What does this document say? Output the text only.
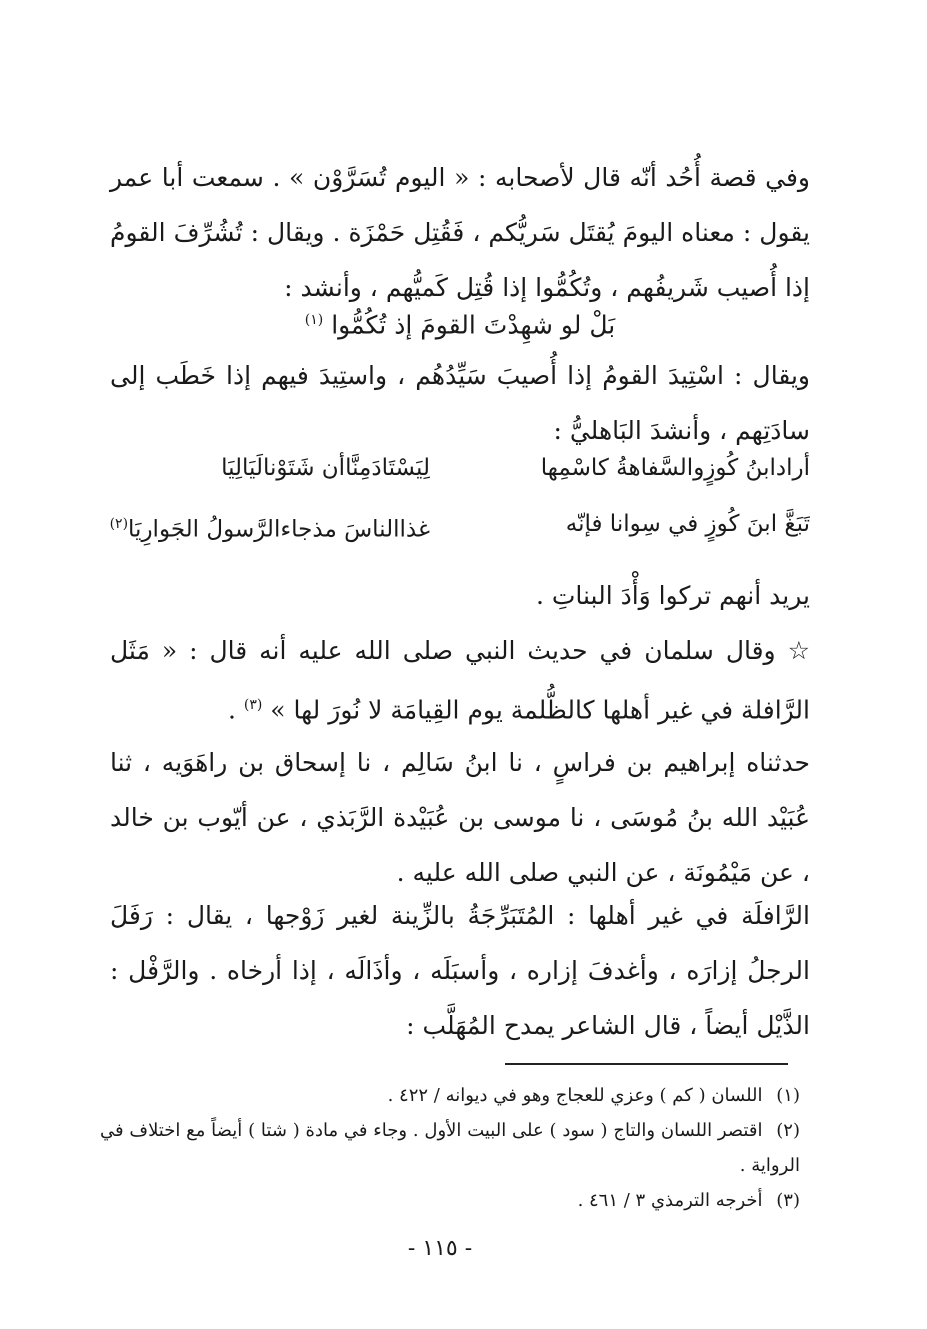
وفي قصة أُحُد أنّه قال لأصحابه : « اليوم تُسَرَّوْن » . سمعت أبا عمر يقول : معناه اليومَ يُقتَل سَريُّكم ، فَقُتِل حَمْزَة . ويقال : تُشُرِّفَ القومُ إذا أُصيب شَريفُهم ، وتُكُمُّوا إذا قُتِل كَميُّهم ، وأنشد :

بَلْ لو شهِدْتَ القومَ إذ تُكُمُّوا $^{(١)}$

ويقال : اسْتِيدَ القومُ إذا أُصيبَ سَيِّدُهُم ، واستِيدَ فيهم إذا خَطَب إلى سادَتِهم ، وأنشدَ البَاهليُّ :

أرادابنُ كُوزٍوالسَّفاهةُ كاسْمِها
لِيَسْتَادَمِنَّاأن شَتَوْنالَيَالِيَا
تَبَغَّ ابنَ كُوزٍ في سِوانا فإنّه
غذاالناسَ مذجاءالرَّسولُ الجَوارِيَا$^{(٢)}$

يريد أنهم تركوا وَأْدَ البناتِ .

☆ وقال سلمان في حديث النبي صلى الله عليه أنه قال : « مَثَل الرَّافلة في غير أهلها كالظُّلمة يوم القِيامَة لا نُورَ لها » $^{(٣)}$ .

حدثناه إبراهيم بن فراسٍ ، نا ابنُ سَالِم ، نا إسحاق بن راهَوَيه ، ثنا عُبَيْد الله بنُ مُوسَى ، نا موسى بن عُبَيْدة الرَّبَذي ، عن أيّوب بن خالد ، عن مَيْمُونَة ، عن النبي صلى الله عليه .

الرَّافلَة في غير أهلها : المُتَبَرِّجَةُ بالزِّينة لغير زَوْجها ، يقال : رَفَلَ الرجلُ إزارَه ، وأغدفَ إزاره ، وأسبَلَه ، وأذَالَه ، إذا أرخاه . والرَّفْل : الذَّيْل أيضاً ، قال الشاعر يمدح المُهَلَّب :

(١) اللسان ( كم ) وعزي للعجاج وهو في ديوانه / ٤٢٢ .

(٢) اقتصر اللسان والتاج ( سود ) على البيت الأول . وجاء في مادة ( شتا ) أيضاً مع اختلاف في الرواية .

(٣) أخرجه الترمذي ٣ / ٤٦١ .

- ١١٥ -
